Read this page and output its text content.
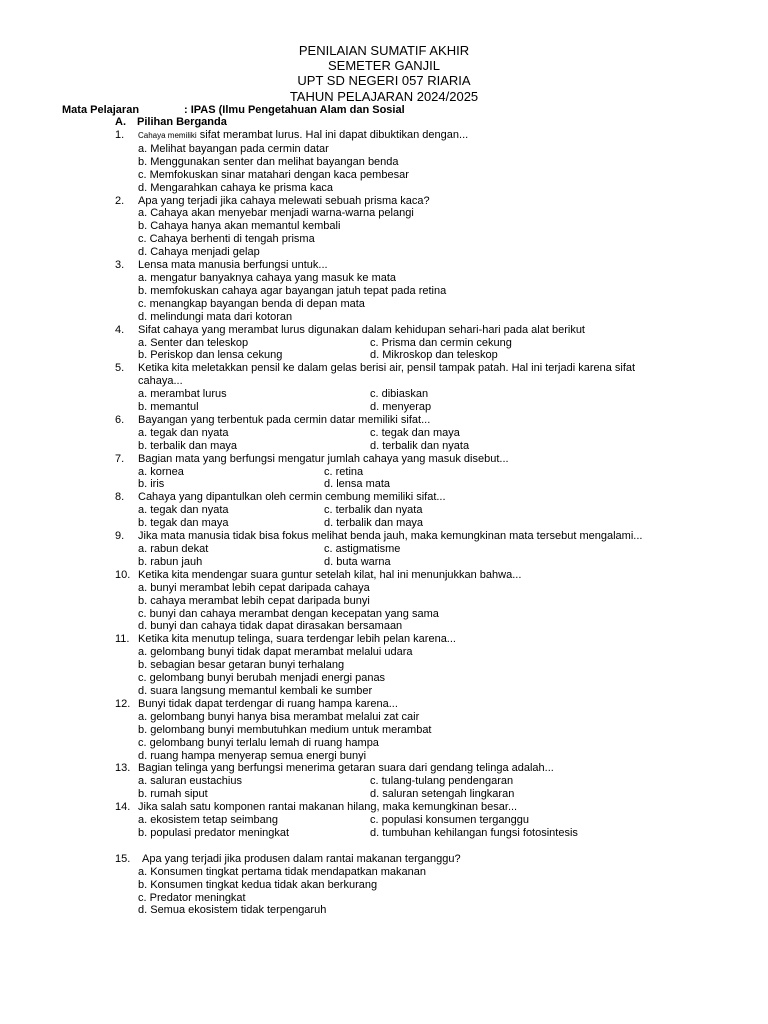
PENILAIAN SUMATIF AKHIR
SEMETER GANJIL
UPT SD NEGERI 057 RIARIA
TAHUN PELAJARAN 2024/2025
Mata Pelajaran	: IPAS (Ilmu Pengetahuan Alam dan Sosial
A. Pilihan Berganda
1.	Cahaya memiliki sifat merambat lurus. Hal ini dapat dibuktikan dengan...
a. Melihat bayangan pada cermin datar
b. Menggunakan senter dan melihat bayangan benda
c. Memfokuskan sinar matahari dengan kaca pembesar
d. Mengarahkan cahaya ke prisma kaca
2.	Apa yang terjadi jika cahaya melewati sebuah prisma kaca?
a. Cahaya akan menyebar menjadi warna-warna pelangi
b. Cahaya hanya akan memantul kembali
c. Cahaya berhenti di tengah prisma
d. Cahaya menjadi gelap
3.	Lensa mata manusia berfungsi untuk...
a. mengatur banyaknya cahaya yang masuk ke mata
b. memfokuskan cahaya agar bayangan jatuh tepat pada retina
c. menangkap bayangan benda di depan mata
d. melindungi mata dari kotoran
4.	Sifat cahaya yang merambat lurus digunakan dalam kehidupan sehari-hari pada alat berikut
a. Senter dan teleskop	c. Prisma dan cermin cekung
b. Periskop dan lensa cekung	d. Mikroskop dan teleskop
5.	Ketika kita meletakkan pensil ke dalam gelas berisi air, pensil tampak patah. Hal ini terjadi karena sifat cahaya...
a. merambat lurus	c. dibiaskan
b. memantul	d. menyerap
6.	Bayangan yang terbentuk pada cermin datar memiliki sifat...
a. tegak dan nyata	c. tegak dan maya
b. terbalik dan maya	d. terbalik dan nyata
7.	Bagian mata yang berfungsi mengatur jumlah cahaya yang masuk disebut...
a. kornea	c. retina
b. iris	d. lensa mata
8.	Cahaya yang dipantulkan oleh cermin cembung memiliki sifat...
a. tegak dan nyata	c. terbalik dan nyata
b. tegak dan maya	d. terbalik dan maya
9.	Jika mata manusia tidak bisa fokus melihat benda jauh, maka kemungkinan mata tersebut mengalami...
a. rabun dekat	c. astigmatisme
b. rabun jauh	d. buta warna
10. Ketika kita mendengar suara guntur setelah kilat, hal ini menunjukkan bahwa...
a. bunyi merambat lebih cepat daripada cahaya
b. cahaya merambat lebih cepat daripada bunyi
c. bunyi dan cahaya merambat dengan kecepatan yang sama
d. bunyi dan cahaya tidak dapat dirasakan bersamaan
11. Ketika kita menutup telinga, suara terdengar lebih pelan karena...
a. gelombang bunyi tidak dapat merambat melalui udara
b. sebagian besar getaran bunyi terhalang
c. gelombang bunyi berubah menjadi energi panas
d. suara langsung memantul kembali ke sumber
12. Bunyi tidak dapat terdengar di ruang hampa karena...
a. gelombang bunyi hanya bisa merambat melalui zat cair
b. gelombang bunyi membutuhkan medium untuk merambat
c. gelombang bunyi terlalu lemah di ruang hampa
d. ruang hampa menyerap semua energi bunyi
13. Bagian telinga yang berfungsi menerima getaran suara dari gendang telinga adalah...
a. saluran eustachius	c. tulang-tulang pendengaran
b. rumah siput	d. saluran setengah lingkaran
14. Jika salah satu komponen rantai makanan hilang, maka kemungkinan besar...
a. ekosistem tetap seimbang	c. populasi konsumen terganggu
b. populasi predator meningkat	d. tumbuhan kehilangan fungsi fotosintesis
15.	Apa yang terjadi jika produsen dalam rantai makanan terganggu?
a. Konsumen tingkat pertama tidak mendapatkan makanan
b. Konsumen tingkat kedua tidak akan berkurang
c. Predator meningkat
d. Semua ekosistem tidak terpengaruh
